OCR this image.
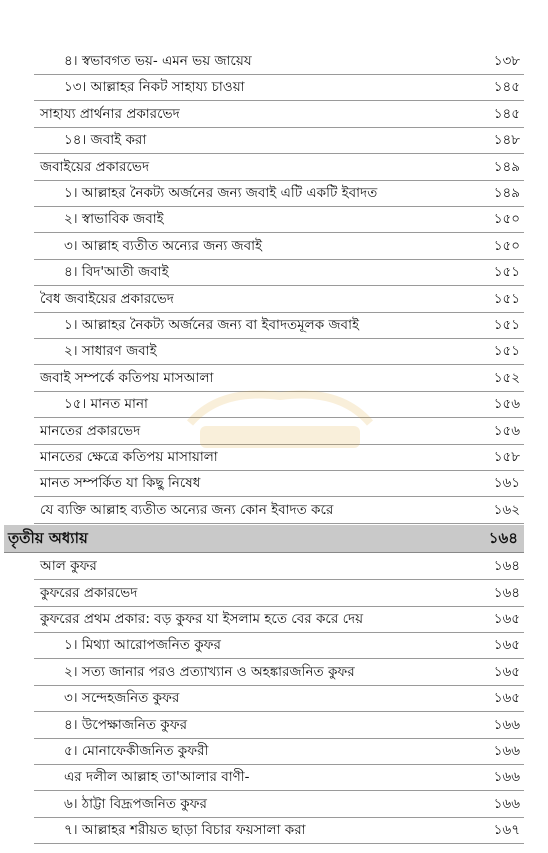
৪। স্বভাবগত ভয়- এমন ভয় জায়েয	১৩৮
১৩। আল্লাহর নিকট সাহায্য চাওয়া	১৪৫
সাহায্য প্রার্থনার প্রকারভেদ	১৪৫
১৪। জবাই করা	১৪৮
জবাইয়ের প্রকারভেদ	১৪৯
১। আল্লাহর নৈকট্য অর্জনের জন্য জবাই এটি একটি ইবাদত	১৪৯
২। স্বাভাবিক জবাই	১৫০
৩। আল্লাহ ব্যতীত অন্যের জন্য জবাই	১৫০
৪। বিদ'আতী জবাই	১৫১
বৈধ জবাইয়ের প্রকারভেদ	১৫১
১। আল্লাহর নৈকট্য অর্জনের জন্য বা ইবাদতমূলক জবাই	১৫১
২। সাধারণ জবাই	১৫১
জবাই সম্পর্কে কতিপয় মাসআলা	১৫২
১৫। মানত মানা	১৫৬
মানতের প্রকারভেদ	১৫৬
মানতের ক্ষেত্রে কতিপয় মাসায়ালা	১৫৮
মানত সম্পর্কিত যা কিছু নিষেধ	১৬১
যে ব্যক্তি আল্লাহ ব্যতীত অন্যের জন্য কোন ইবাদত করে	১৬২
তৃতীয় অধ্যায়	১৬৪
আল কুফর	১৬৪
কুফরের প্রকারভেদ	১৬৪
কুফরের প্রথম প্রকার: বড় কুফর যা ইসলাম হতে বের করে দেয়	১৬৫
১। মিথ্যা আরোপজনিত কুফর	১৬৫
২। সত্য জানার পরও প্রত্যাখ্যান ও অহঙ্কারজনিত কুফর	১৬৫
৩। সন্দেহজনিত কুফর	১৬৫
৪। উপেক্ষাজনিত কুফর	১৬৬
৫। মোনাফেকীজনিত কুফরী	১৬৬
এর দলীল আল্লাহ তা'আলার বাণী-	১৬৬
৬। ঠাট্টা বিদ্রূপজনিত কুফর	১৬৬
৭। আল্লাহর শরীয়ত ছাড়া বিচার ফয়সালা করা	১৬৭
